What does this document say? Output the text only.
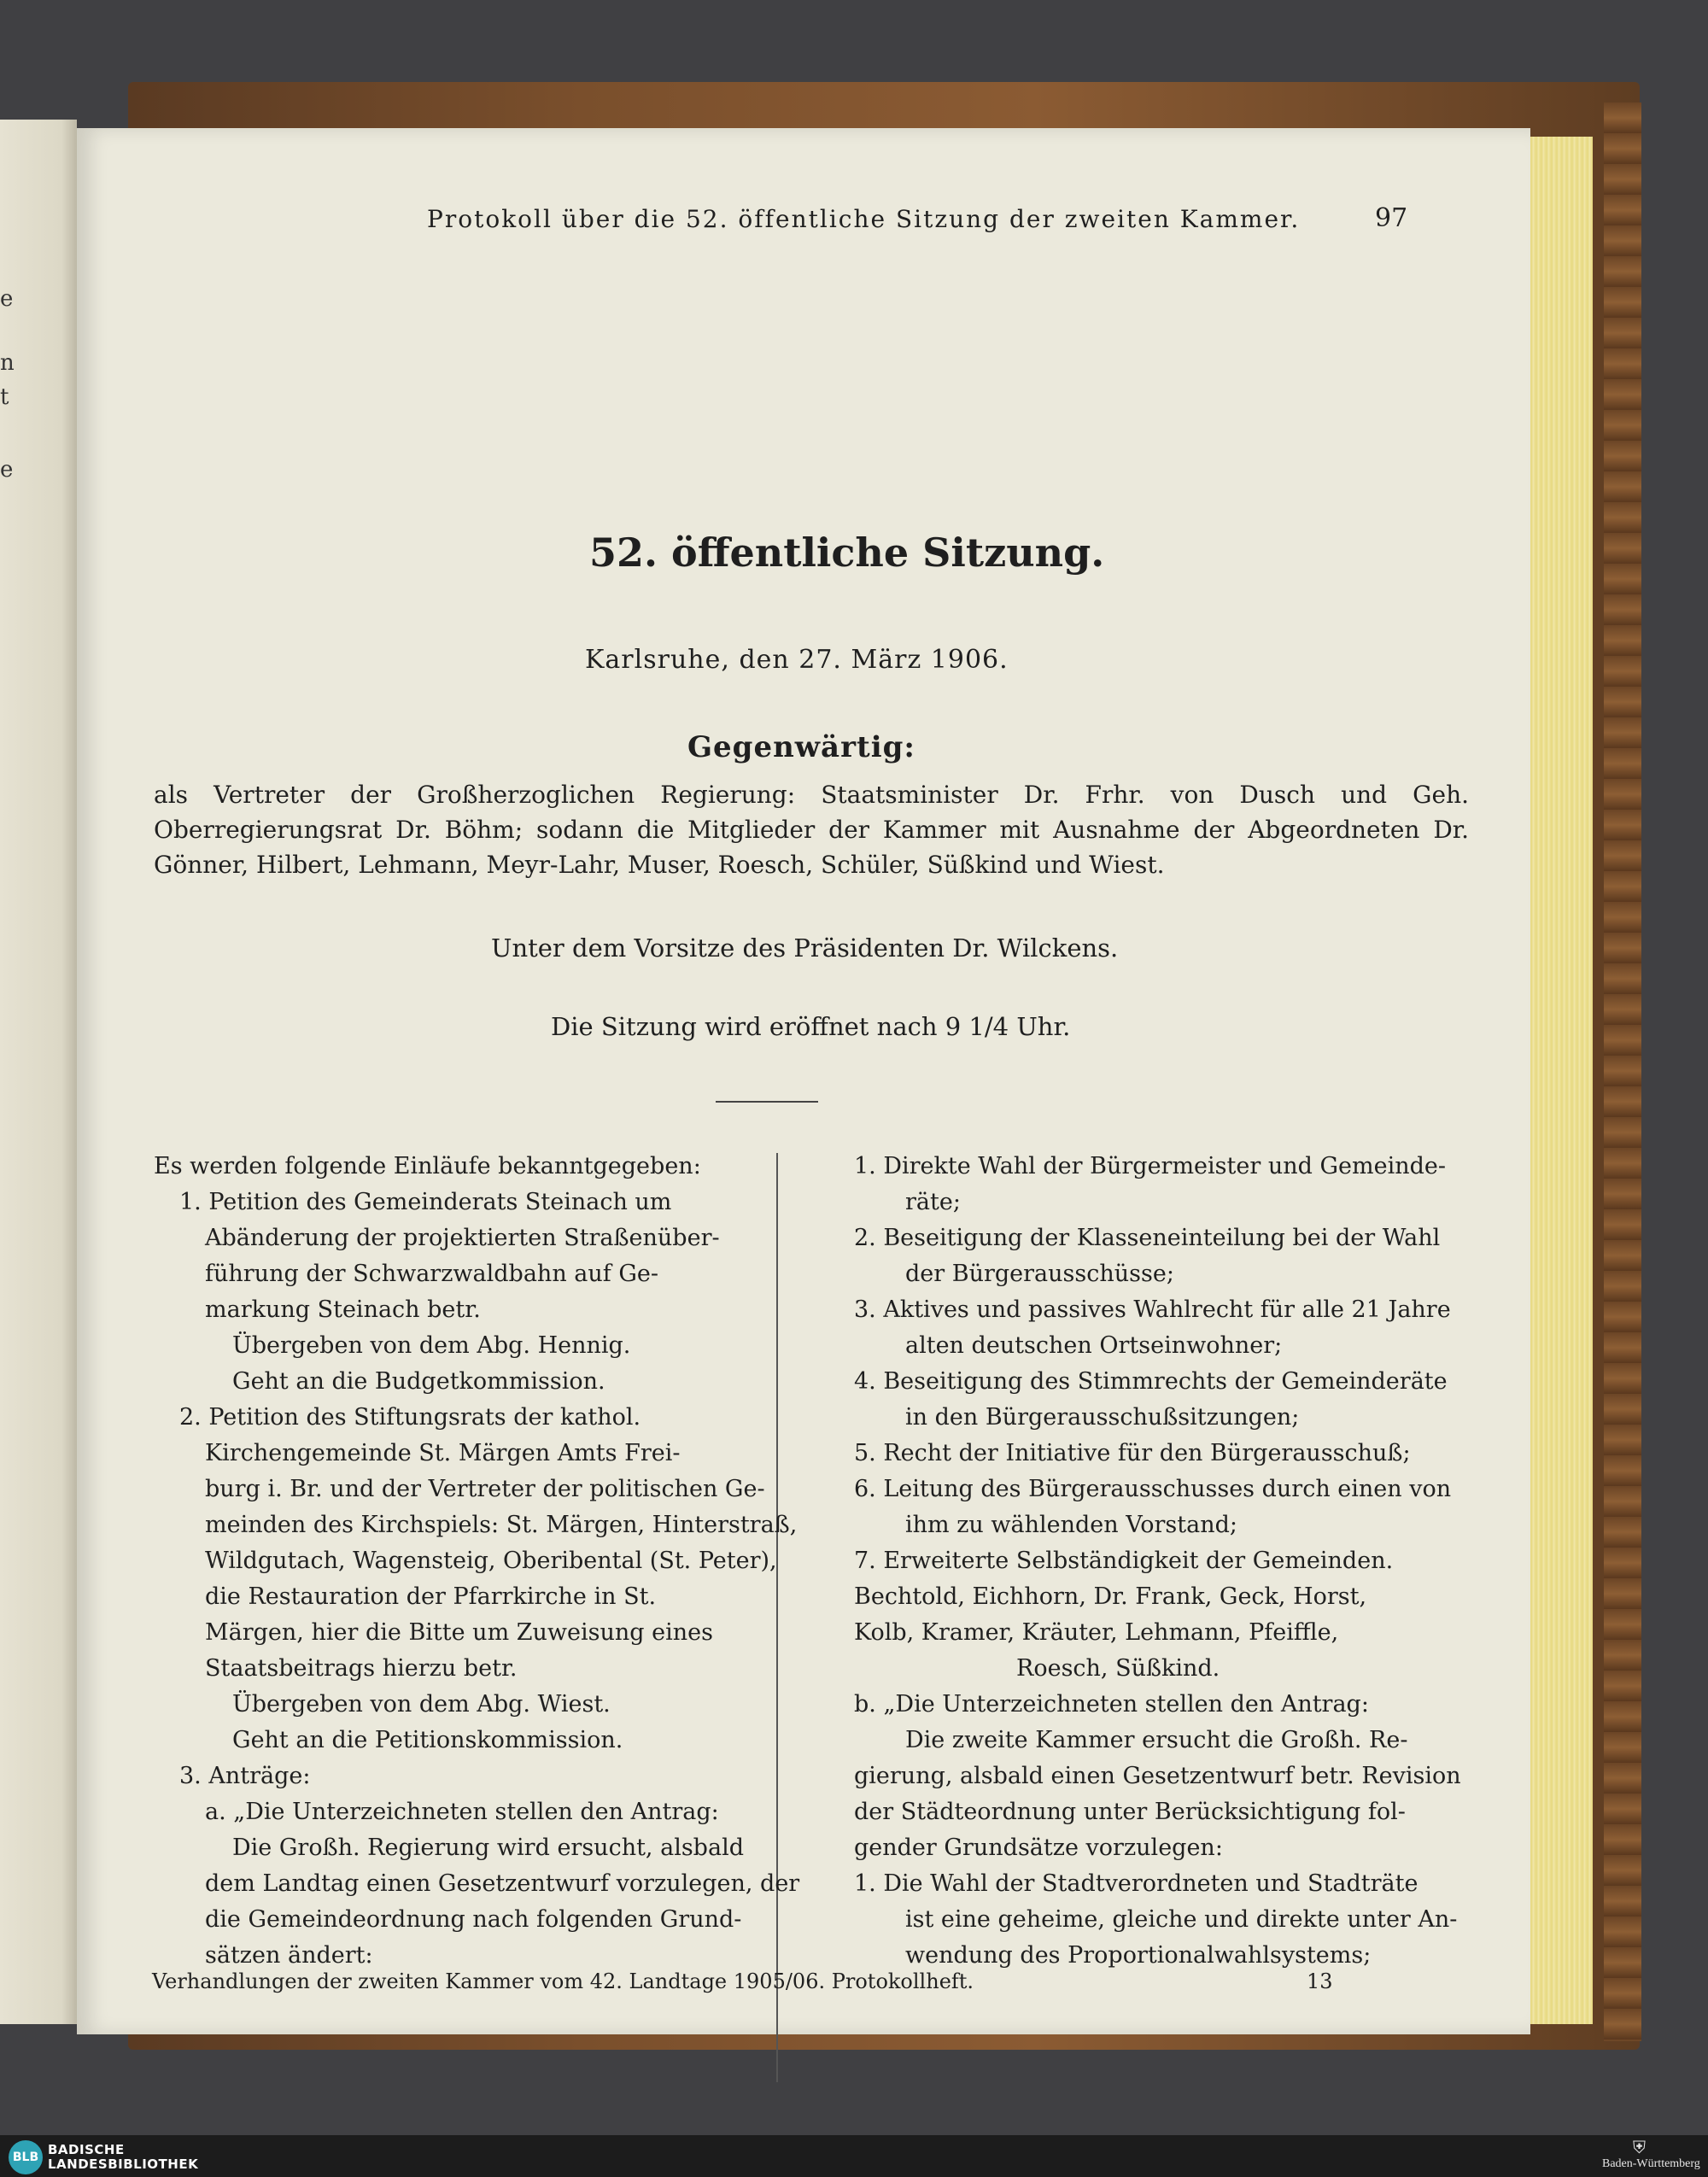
e
n
t
e
Protokoll über die 52. öffentliche Sitzung der zweiten Kammer.	97
52. öffentliche Sitzung.
Karlsruhe, den 27. März 1906.
Gegenwärtig:
als Vertreter der Großherzoglichen Regierung: Staatsminister Dr. Frhr. von Dusch und Geh. Oberregierungsrat Dr. Böhm; sodann die Mitglieder der Kammer mit Ausnahme der Abgeordneten Dr. Gönner, Hilbert, Lehmann, Meyr-Lahr, Muser, Roesch, Schüler, Süßkind und Wiest.
Unter dem Vorsitze des Präsidenten Dr. Wilckens.
Die Sitzung wird eröffnet nach 9 1/4 Uhr.
Es werden folgende Einläufe bekanntgegeben:
1. Petition des Gemeinderats Steinach um
Abänderung der projektierten Straßenüber-
führung der Schwarzwaldbahn auf Ge-
markung Steinach betr.
Übergeben von dem Abg. Hennig.
Geht an die Budgetkommission.
2. Petition des Stiftungsrats der kathol.
Kirchengemeinde St. Märgen Amts Frei-
burg i. Br. und der Vertreter der politischen Ge-
meinden des Kirchspiels: St. Märgen, Hinterstraß,
Wildgutach, Wagensteig, Oberibental (St. Peter),
die Restauration der Pfarrkirche in St.
Märgen, hier die Bitte um Zuweisung eines
Staatsbeitrags hierzu betr.
Übergeben von dem Abg. Wiest.
Geht an die Petitionskommission.
3. Anträge:
a. „Die Unterzeichneten stellen den Antrag:
Die Großh. Regierung wird ersucht, alsbald
dem Landtag einen Gesetzentwurf vorzulegen, der
die Gemeindeordnung nach folgenden Grund-
sätzen ändert:
1. Direkte Wahl der Bürgermeister und Gemeinde-
räte;
2. Beseitigung der Klasseneinteilung bei der Wahl
der Bürgerausschüsse;
3. Aktives und passives Wahlrecht für alle 21 Jahre
alten deutschen Ortseinwohner;
4. Beseitigung des Stimmrechts der Gemeinderäte
in den Bürgerausschußsitzungen;
5. Recht der Initiative für den Bürgerausschuß;
6. Leitung des Bürgerausschusses durch einen von
ihm zu wählenden Vorstand;
7. Erweiterte Selbständigkeit der Gemeinden.
Bechtold, Eichhorn, Dr. Frank, Geck, Horst,
Kolb, Kramer, Kräuter, Lehmann, Pfeiffle,
Roesch, Süßkind.
b. „Die Unterzeichneten stellen den Antrag:
Die zweite Kammer ersucht die Großh. Re-
gierung, alsbald einen Gesetzentwurf betr. Revision
der Städteordnung unter Berücksichtigung fol-
gender Grundsätze vorzulegen:
1. Die Wahl der Stadtverordneten und Stadträte
ist eine geheime, gleiche und direkte unter An-
wendung des Proportionalwahlsystems;
Verhandlungen der zweiten Kammer vom 42. Landtage 1905/06. Protokollheft.	13
BLB BADISCHE
LANDESBIBLIOTHEK
⛨
Baden-Württemberg
